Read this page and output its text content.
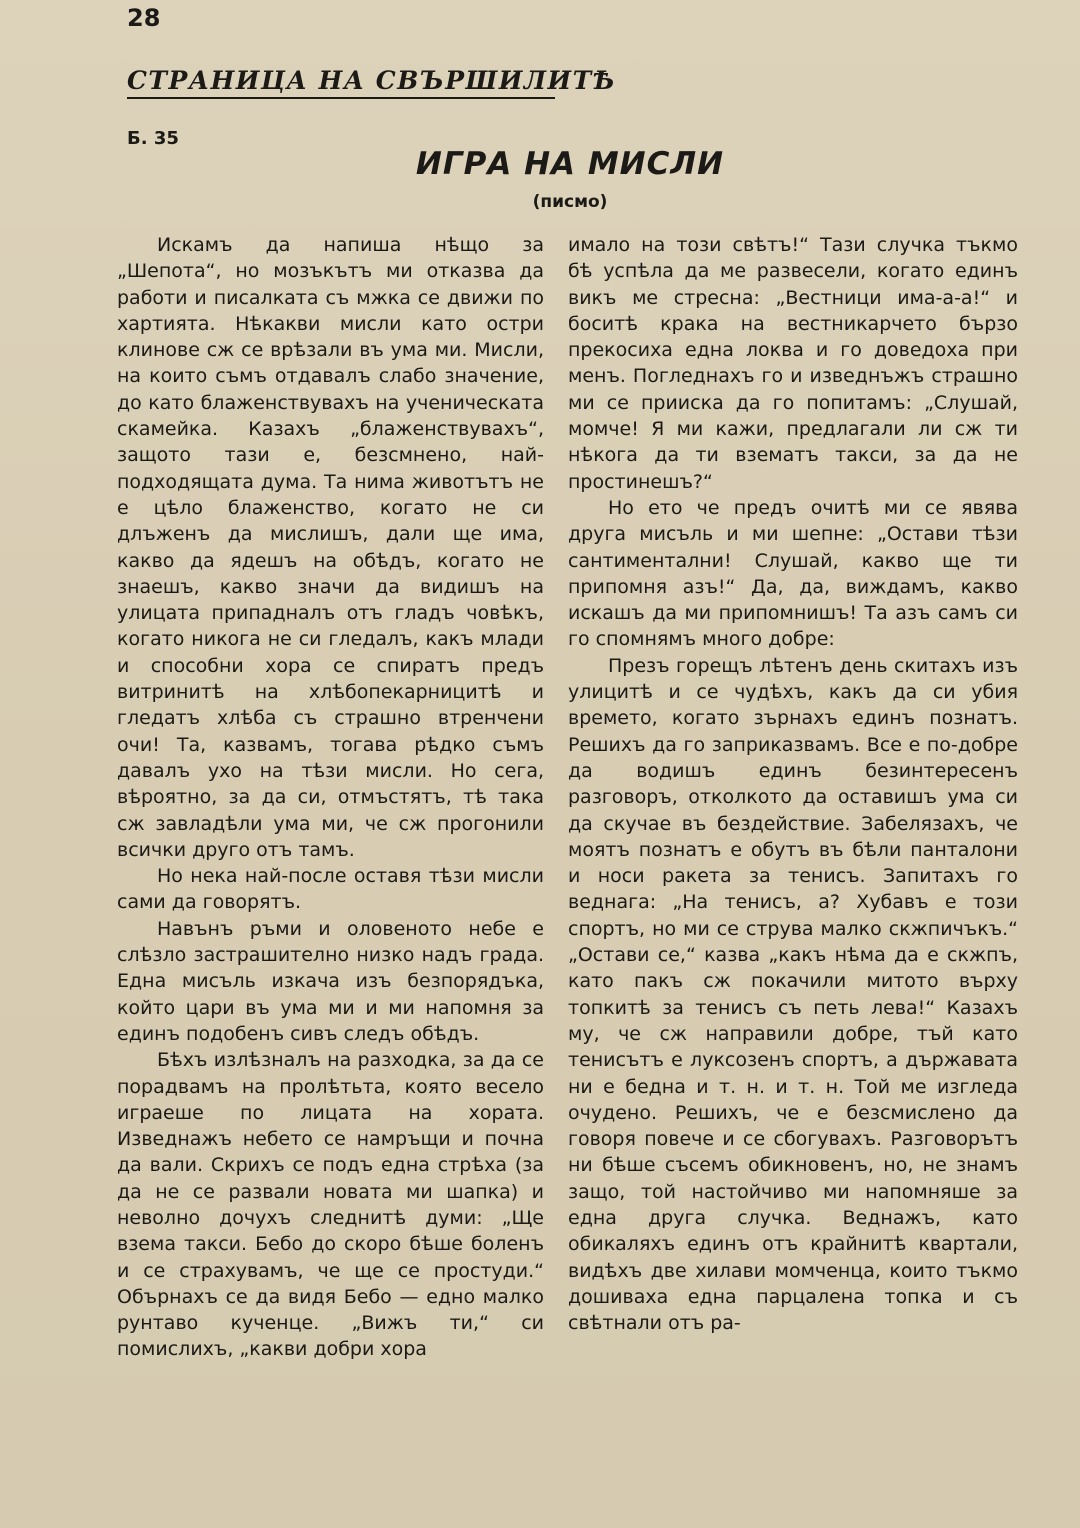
28
СТРАНИЦА НА СВЪРШИЛИТѢ
Б. 35
ИГРА НА МИСЛИ
(писмо)

Искамъ да напиша нѣщо за „Шепота“, но мозъкътъ ми отказва да работи и писалката съ мжка се движи по хартията. Нѣкакви мисли като остри клинове сж се врѣзали въ ума ми. Мисли, на които съмъ отдавалъ слабо значение, до като блаженствувахъ на ученическата скамейка. Казахъ „блаженствувахъ“, защото тази е, безсмнено, най-подходящата дума. Та нима животътъ не е цѣло блаженство, когато не си длъженъ да мислишъ, дали ще има, какво да ядешъ на обѣдъ, когато не знаешъ, какво значи да видишъ на улицата припадналъ отъ гладъ човѣкъ, когато никога не си гледалъ, какъ млади и способни хора се спиратъ предъ витринитѣ на хлѣбопекарницитѣ и гледатъ хлѣба съ страшно втренчени очи! Та, казвамъ, тогава рѣдко съмъ давалъ ухо на тѣзи мисли. Но сега, вѣроятно, за да си, отмъстятъ, тѣ така сж завладѣли ума ми, че сж прогонили всички друго отъ тамъ.

Но нека най-после оставя тѣзи мисли сами да говорятъ.

Навънъ ръми и оловеното небе е слѣзло застрашително низко надъ града. Една мисъль изкача изъ безпорядъка, който цари въ ума ми и ми напомня за единъ подобенъ сивъ следъ обѣдъ.

Бѣхъ излѣзналъ на разходка, за да се порадвамъ на пролѣтьта, която весело играеше по лицата на хората. Изведнажъ небето се намръщи и почна да вали. Скрихъ се подъ една стрѣха (за да не се развали новата ми шапка) и неволно дочухъ следнитѣ думи: „Ще взема такси. Бебо до скоро бѣше боленъ и се страхувамъ, че ще се простуди.“ Обърнахъ се да видя Бебо — едно малко рунтаво кученце. „Вижъ ти,“ си помислихъ, „какви добри хора

имало на този свѣтъ!“ Тази случка тъкмо бѣ успѣла да ме развесели, когато единъ викъ ме стресна: „Вестници има-а-а!“ и боситѣ крака на вестникарчето бързо прекосиха една локва и го доведоха при менъ. Погледнахъ го и изведнъжъ страшно ми се прииска да го попитамъ: „Слушай, момче! Я ми кажи, предлагали ли сж ти нѣкога да ти взематъ такси, за да не простинешъ?“

Но ето че предъ очитѣ ми се явява друга мисъль и ми шепне: „Остави тѣзи сантиментални! Слушай, какво ще ти припомня азъ!“ Да, да, виждамъ, какво искашъ да ми припомнишъ! Та азъ самъ си го спомнямъ много добре:

Презъ горещъ лѣтенъ день скитахъ изъ улицитѣ и се чудѣхъ, какъ да си убия времето, когато зърнахъ единъ познатъ. Решихъ да го заприказвамъ. Все е по-добре да водишъ единъ безинтересенъ разговоръ, отколкото да оставишъ ума си да скучае въ бездействие. Забелязахъ, че моятъ познатъ е обутъ въ бѣли панталони и носи ракета за тенисъ. Запитахъ го веднага: „На тенисъ, а? Хубавъ е този спортъ, но ми се струва малко скжпичъкъ.“ „Остави се,“ казва „какъ нѣма да е скжпъ, като пакъ сж покачили митото върху топкитѣ за тенисъ съ петь лева!“ Казахъ му, че сж направили добре, тъй като тенисътъ е луксозенъ спортъ, а държавата ни е бедна и т. н. и т. н. Той ме изгледа очудено. Решихъ, че е безсмислено да говоря повече и се сбогувахъ. Разговорътъ ни бѣше съсемъ обикновенъ, но, не знамъ защо, той настойчиво ми напомняше за една друга случка. Веднажъ, като обикаляхъ единъ отъ крайнитѣ квартали, видѣхъ две хилави момченца, които тъкмо дошиваха една парцалена топка и съ свѣтнали отъ ра-
